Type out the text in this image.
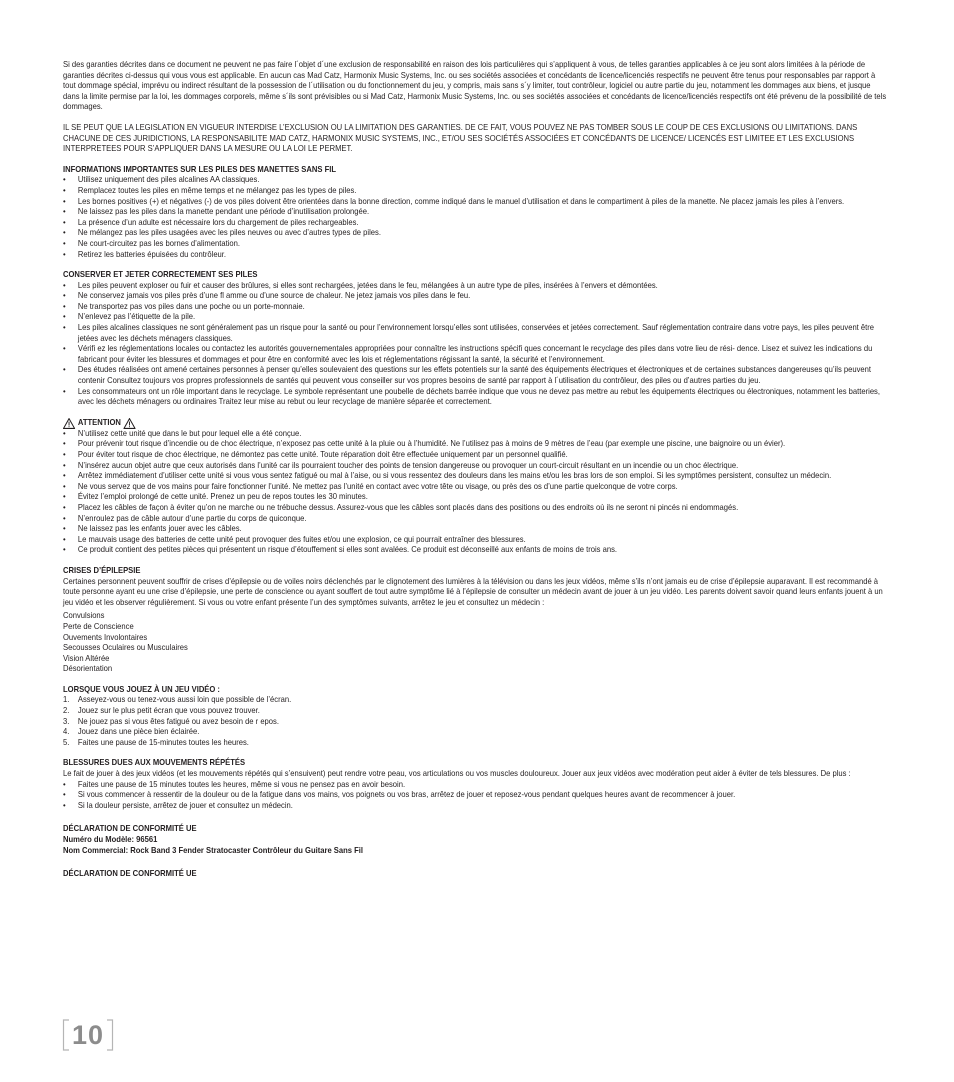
Si des garanties décrites dans ce document ne peuvent ne pas faire l´objet d´une exclusion de responsabilité en raison des lois particulières qui s’appliquent à vous, de telles garanties applicables à ce jeu sont alors limitées à la période de garanties décrites ci-dessus qui vous vous est applicable. En aucun cas Mad Catz, Harmonix Music Systems, Inc. ou ses sociétés associées et concédants de licence/licenciés respectifs ne peuvent être tenus pour responsables par rapport à tout dommage spécial, imprévu ou indirect résultant de la possession de l´utilisation ou du fonctionnement du jeu, y compris, mais sans s´y limiter, tout contrôleur, logiciel ou autre partie du jeu, notamment les dommages aux biens, et jusque dans la limite permise par la loi, les dommages corporels, même s´ils sont prévisibles ou si Mad Catz, Harmonix Music Systems, Inc. ou ses sociétés associées et concédants de licence/licenciés respectifs ont été prévenu de la possibilité de tels dommages.

IL SE PEUT QUE LA LEGISLATION EN VIGUEUR INTERDISE L’EXCLUSION OU LA LIMITATION DES GARANTIES. DE CE FAIT, VOUS POUVEZ NE PAS TOMBER SOUS LE COUP DE CES EXCLUSIONS OU LIMITATIONS. DANS CHACUNE DE CES JURIDICTIONS, LA RESPONSABILITE MAD CATZ, HARMONIX MUSIC SYSTEMS, INC., ET/OU SES SOCIÉTÉS ASSOCIÉES ET CONCÉDANTS DE LICENCE/ LICENCÉS EST LIMITEE ET LES EXCLUSIONS INTERPRETEES POUR S’APPLIQUER DANS LA MESURE OU LA LOI LE PERMET.

INFORMATIONS IMPORTANTES SUR LES PILES DES MANETTES SANS FIL

• Utilisez uniquement des piles alcalines AA classiques.
• Remplacez toutes les piles en même temps et ne mélangez pas les types de piles.
• Les bornes positives (+) et négatives (-) de vos piles doivent être orientées dans la bonne direction, comme indiqué dans le manuel d’utilisation et dans le compartiment à piles de la manette. Ne placez jamais les piles à l’envers.
• Ne laissez pas les piles dans la manette pendant une période d’inutilisation prolongée.
• La présence d’un adulte est nécessaire lors du chargement de piles rechargeables.
• Ne mélangez pas les piles usagées avec les piles neuves ou avec d’autres types de piles.
• Ne court-circuitez pas les bornes d’alimentation.
• Retirez les batteries épuisées du contrôleur.

CONSERVER ET JETER CORRECTEMENT SES PILES

• Les piles peuvent exploser ou fuir et causer des brûlures, si elles sont rechargées, jetées dans le feu, mélangées à un autre type de piles, insérées à l’envers et démontées.
• Ne conservez jamais vos piles près d’une fl amme ou d’une source de chaleur. Ne jetez jamais vos piles dans le feu.
• Ne transportez pas vos piles dans une poche ou un porte-monnaie.
• N’enlevez pas l’étiquette de la pile.
• Les piles alcalines classiques ne sont généralement pas un risque pour la santé ou pour l’environnement lorsqu’elles sont utilisées, conservées et jetées correctement. Sauf réglementation contraire dans votre pays, les piles peuvent être jetées avec les déchets ménagers classiques.
• Vérifi ez les réglementations locales ou contactez les autorités gouvernementales appropriées pour connaître les instructions spécifi ques concernant le recyclage des piles dans votre lieu de rési- dence. Lisez et suivez les indications du fabricant pour éviter les blessures et dommages et pour être en conformité avec les lois et réglementations régissant la santé, la sécurité et l’environnement.
• Des études réalisées ont amené certaines personnes à penser qu’elles soulevaient des questions sur les effets potentiels sur la santé des équipements électriques et électroniques et de certaines substances dangereuses qu’ils peuvent contenir Consultez toujours vos propres professionnels de santés qui peuvent vous conseiller sur vos propres besoins de santé par rapport à l´utilisation du contrôleur, des piles ou d’autres parties du jeu.
• Les consommateurs ont un rôle important dans le recyclage. Le symbole représentant une poubelle de déchets barrée indique que vous ne devez pas mettre au rebut les équipements électriques ou électroniques, notamment les batteries, avec les déchets ménagers ou ordinaires Traitez leur mise au rebut ou leur recyclage de manière séparée et correctement.
ATTENTION
• N’utilisez cette unité que dans le but pour lequel elle a été conçue.
• Pour prévenir tout risque d’incendie ou de choc électrique, n’exposez pas cette unité à la pluie ou à l’humidité. Ne l’utilisez pas à moins de 9 mètres de l’eau (par exemple une piscine, une baignoire ou un évier).
• Pour éviter tout risque de choc électrique, ne démontez pas cette unité. Toute réparation doit être effectuée uniquement par un personnel qualifié.
• N’insérez aucun objet autre que ceux autorisés dans l’unité car ils pourraient toucher des points de tension dangereuse ou provoquer un court-circuit résultant en un incendie ou un choc électrique.
• Arrêtez immédiatement d’utiliser cette unité si vous vous sentez fatigué ou mal à l’aise, ou si vous ressentez des douleurs dans les mains et/ou les bras lors de son emploi. Si les symptômes persistent, consultez un médecin.
• Ne vous servez que de vos mains pour faire fonctionner l’unité. Ne mettez pas l’unité en contact avec votre tête ou visage, ou près des os d’une partie quelconque de votre corps.
• Évitez l’emploi prolongé de cette unité. Prenez un peu de repos toutes les 30 minutes.
• Placez les câbles de façon à éviter qu’on ne marche ou ne trébuche dessus. Assurez-vous que les câbles sont placés dans des positions ou des endroits où ils ne seront ni pincés ni endommagés.
• N’enroulez pas de câble autour d’une partie du corps de quiconque.
• Ne laissez pas les enfants jouer avec les câbles.
• Le mauvais usage des batteries de cette unité peut provoquer des fuites et/ou une explosion, ce qui pourrait entraîner des blessures.
• Ce produit contient des petites pièces qui présentent un risque d’étouffement si elles sont avalées. Ce produit est déconseillé aux enfants de moins de trois ans.

CRISES D’ÉPILEPSIE

Certaines personnent peuvent souffrir de crises d’épilepsie ou de voiles noirs déclenchés par le clignotement des lumières à la télévision ou dans les jeux vidéos, même s’ils n’ont jamais eu de crise d’épilepsie auparavant. Il est recommandé à toute personne ayant eu une crise d’épilepsie, une perte de conscience ou ayant souffert de tout autre symptôme lié à l’épilepsie de consulter un médecin avant de jouer à un jeu vidéo. Les parents doivent savoir quand leurs enfants jouent à un jeu vidéo et les observer régulièrement. Si vous ou votre enfant présente l’un des symptômes suivants, arrêtez le jeu et consultez un médecin :

Convulsions

Perte de Conscience

Ouvements Involontaires

Secousses Oculaires ou Musculaires

Vision Altérée

Désorientation

LORSQUE VOUS JOUEZ À UN JEU VIDÉO :

1. Asseyez-vous ou tenez-vous aussi loin que possible de l’écran.
2. Jouez sur le plus petit écran que vous pouvez trouver.
3. Ne jouez pas si vous êtes fatigué ou avez besoin de r epos.
4. Jouez dans une pièce bien éclairée.
5. Faites une pause de 15-minutes toutes les heures.

BLESSURES DUES AUX MOUVEMENTS RÉPÉTÉS

Le fait de jouer à des jeux vidéos (et les mouvements répétés qui s’ensuivent) peut rendre votre peau, vos articulations ou vos muscles douloureux. Jouer aux jeux vidéos avec modération peut aider à éviter de tels blessures. De plus :

• Faites une pause de 15 minutes toutes les heures, même si vous ne pensez pas en avoir besoin.
• Si vous commencer à ressentir de la douleur ou de la fatigue dans vos mains, vos poignets ou vos bras, arrêtez de jouer et reposez-vous pendant quelques heures avant de recommencer à jouer.
• Si la douleur persiste, arrêtez de jouer et consultez un médecin.

DÉCLARATION DE CONFORMITÉ UE

Numéro du Modèle: 96561

Nom Commercial: Rock Band 3 Fender Stratocaster Contrôleur du Guitare Sans Fil

DÉCLARATION DE CONFORMITÉ UE

10
